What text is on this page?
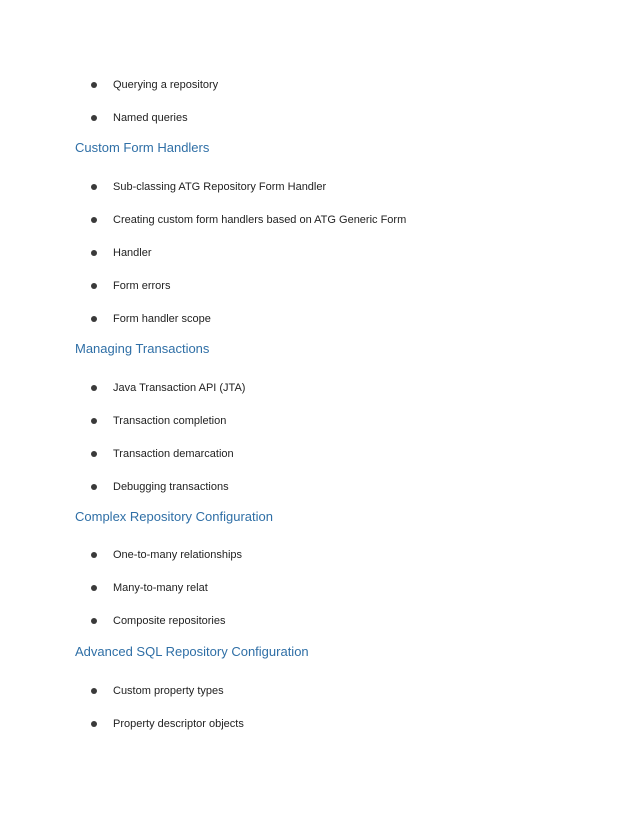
Querying a repository
Named queries
Custom Form Handlers
Sub-classing ATG Repository Form Handler
Creating custom form handlers based on ATG Generic Form
Handler
Form errors
Form handler scope
Managing Transactions
Java Transaction API (JTA)
Transaction completion
Transaction demarcation
Debugging transactions
Complex Repository Configuration
One-to-many relationships
Many-to-many relat
Composite repositories
Advanced SQL Repository Configuration
Custom property types
Property descriptor objects
